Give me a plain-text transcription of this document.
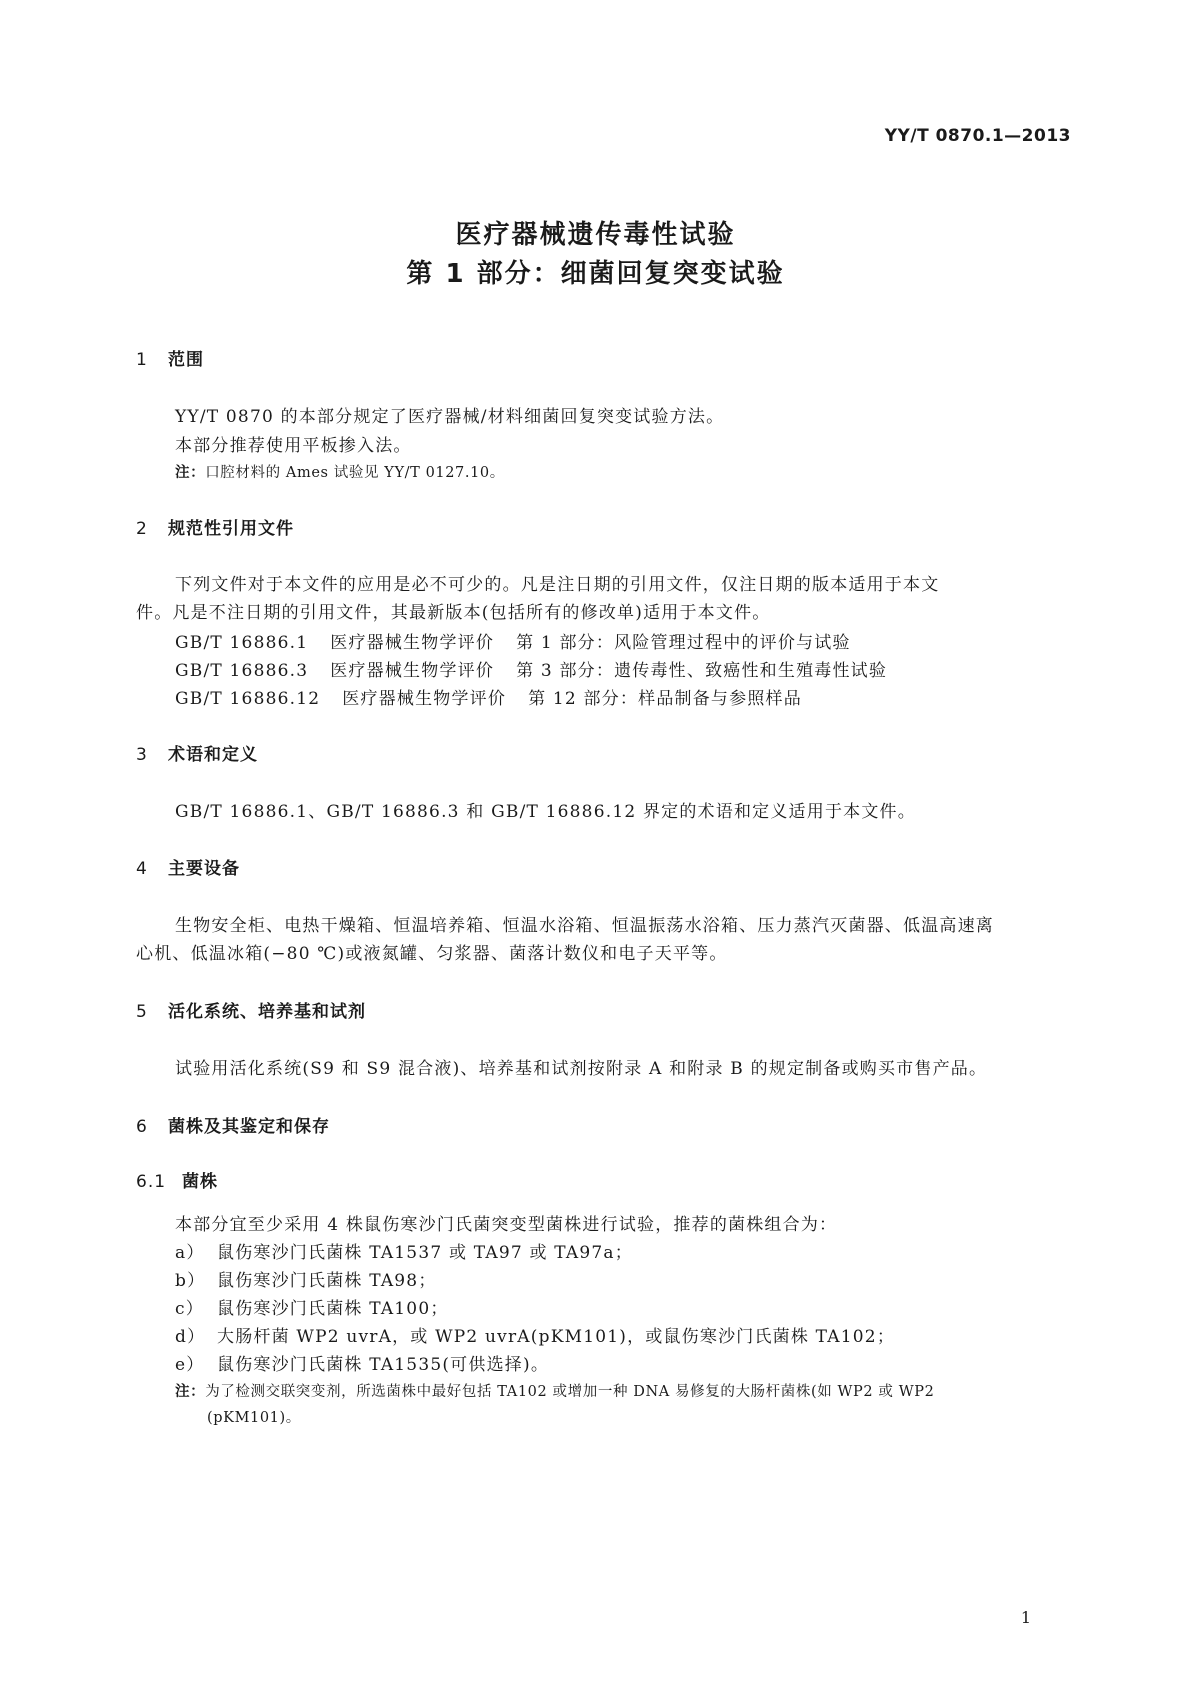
YY/T 0870.1—2013
医疗器械遗传毒性试验
第 1 部分：细菌回复突变试验
1 范围
YY/T 0870 的本部分规定了医疗器械/材料细菌回复突变试验方法。
本部分推荐使用平板掺入法。
注：口腔材料的 Ames 试验见 YY/T 0127.10。
2 规范性引用文件
下列文件对于本文件的应用是必不可少的。凡是注日期的引用文件，仅注日期的版本适用于本文
件。凡是不注日期的引用文件，其最新版本(包括所有的修改单)适用于本文件。
GB/T 16886.1 医疗器械生物学评价 第 1 部分：风险管理过程中的评价与试验
GB/T 16886.3 医疗器械生物学评价 第 3 部分：遗传毒性、致癌性和生殖毒性试验
GB/T 16886.12 医疗器械生物学评价 第 12 部分：样品制备与参照样品
3 术语和定义
GB/T 16886.1、GB/T 16886.3 和 GB/T 16886.12 界定的术语和定义适用于本文件。
4 主要设备
生物安全柜、电热干燥箱、恒温培养箱、恒温水浴箱、恒温振荡水浴箱、压力蒸汽灭菌器、低温高速离
心机、低温冰箱(−80 ℃)或液氮罐、匀浆器、菌落计数仪和电子天平等。
5 活化系统、培养基和试剂
试验用活化系统(S9 和 S9 混合液)、培养基和试剂按附录 A 和附录 B 的规定制备或购买市售产品。
6 菌株及其鉴定和保存
6.1 菌株
本部分宜至少采用 4 株鼠伤寒沙门氏菌突变型菌株进行试验，推荐的菌株组合为：
a） 鼠伤寒沙门氏菌株 TA1537 或 TA97 或 TA97a；
b） 鼠伤寒沙门氏菌株 TA98；
c） 鼠伤寒沙门氏菌株 TA100；
d） 大肠杆菌 WP2 uvrA，或 WP2 uvrA(pKM101)，或鼠伤寒沙门氏菌株 TA102；
e） 鼠伤寒沙门氏菌株 TA1535(可供选择)。
注：为了检测交联突变剂，所选菌株中最好包括 TA102 或增加一种 DNA 易修复的大肠杆菌株(如 WP2 或 WP2
(pKM101)。
1
